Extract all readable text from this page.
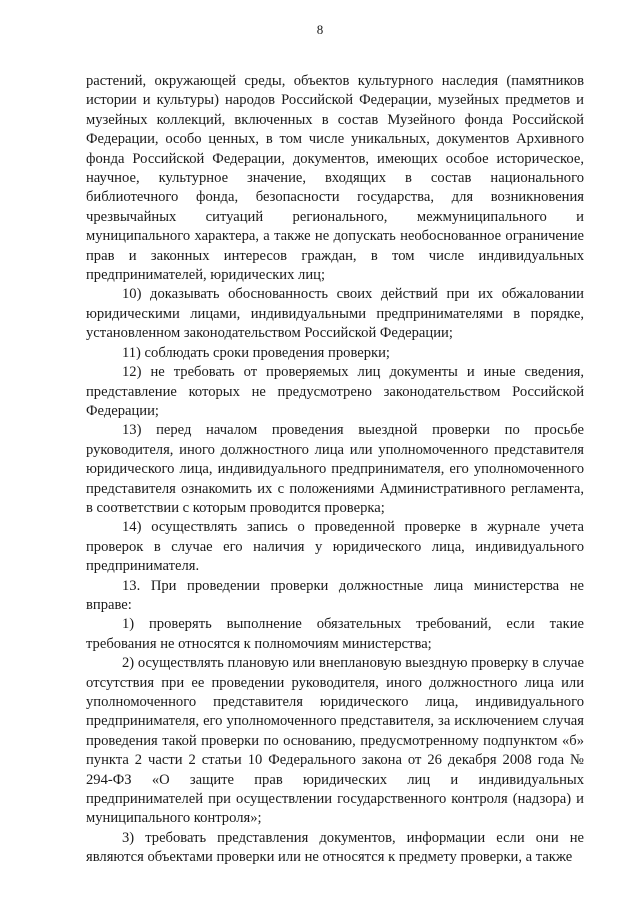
8

растений, окружающей среды, объектов культурного наследия (памятников истории и культуры) народов Российской Федерации, музейных предметов и музейных коллекций, включенных в состав Музейного фонда Российской Федерации, особо ценных, в том числе уникальных, документов Архивного фонда Российской Федерации, документов, имеющих особое историческое, научное, культурное значение, входящих в состав национального библиотечного фонда, безопасности государства, для возникновения чрезвычайных ситуаций регионального, межмуниципального и муниципального характера, а также не допускать необоснованное ограничение прав и законных интересов граждан, в том числе индивидуальных предпринимателей, юридических лиц;

10) доказывать обоснованность своих действий при их обжаловании юридическими лицами, индивидуальными предпринимателями в порядке, установленном законодательством Российской Федерации;

11) соблюдать сроки проведения проверки;

12) не требовать от проверяемых лиц документы и иные сведения, представление которых не предусмотрено законодательством Российской Федерации;

13) перед началом проведения выездной проверки по просьбе руководителя, иного должностного лица или уполномоченного представителя юридического лица, индивидуального предпринимателя, его уполномоченного представителя ознакомить их с положениями Административного регламента, в соответствии с которым проводится проверка;

14) осуществлять запись о проведенной проверке в журнале учета проверок в случае его наличия у юридического лица, индивидуального предпринимателя.

13. При проведении проверки должностные лица министерства не вправе:

1) проверять выполнение обязательных требований, если такие требования не относятся к полномочиям министерства;

2) осуществлять плановую или внеплановую выездную проверку в случае отсутствия при ее проведении руководителя, иного должностного лица или уполномоченного представителя юридического лица, индивидуального предпринимателя, его уполномоченного представителя, за исключением случая проведения такой проверки по основанию, предусмотренному подпунктом «б» пункта 2 части 2 статьи 10 Федерального закона от 26 декабря 2008 года № 294-ФЗ «О защите прав юридических лиц и индивидуальных предпринимателей при осуществлении государственного контроля (надзора) и муниципального контроля»;

3) требовать представления документов, информации если они не являются объектами проверки или не относятся к предмету проверки, а также
